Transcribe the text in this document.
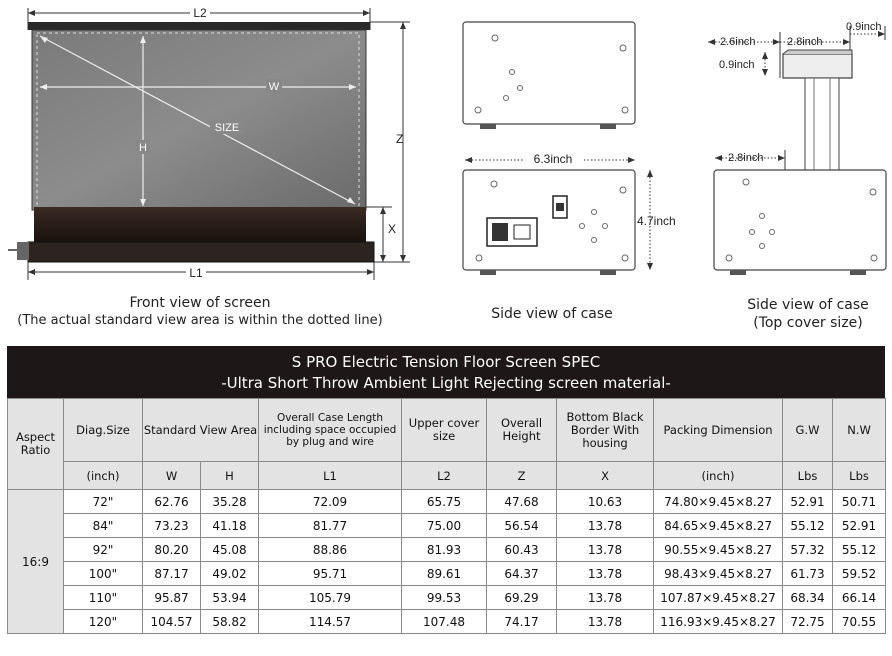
L2
SIZE
W
H
X
Z
L1
6.3inch
4.7inch
2.6inch	2.8inch
0.9inch
0.9inch
2.8inch
Front view of screen
(The actual standard view area is within the dotted line)	Side view of case
Side view of case
(Top cover size)
S PRO Electric Tension Floor Screen SPEC
-Ultra Short Throw Ambient Light Rejecting screen material-
Aspect Ratio	Diag.Size	Standard View Area		Overall Case Length including space occupied by plug and wire	Upper cover size	Overall Height	Bottom Black Border With housing	Packing Dimension	G.W	N.W
	(inch)	W	H	L1	L2	Z	X	(inch)	Lbs	Lbs
16:9	72"	62.76	35.28	72.09	65.75	47.68	10.63	74.80×9.45×8.27	52.91	50.71
	84"	73.23	41.18	81.77	75.00	56.54	13.78	84.65×9.45×8.27	55.12	52.91
	92"	80.20	45.08	88.86	81.93	60.43	13.78	90.55×9.45×8.27	57.32	55.12
	100"	87.17	49.02	95.71	89.61	64.37	13.78	98.43×9.45×8.27	61.73	59.52
	110"	95.87	53.94	105.79	99.53	69.29	13.78	107.87×9.45×8.27	68.34	66.14
	120"	104.57	58.82	114.57	107.48	74.17	13.78	116.93×9.45×8.27	72.75	70.55
